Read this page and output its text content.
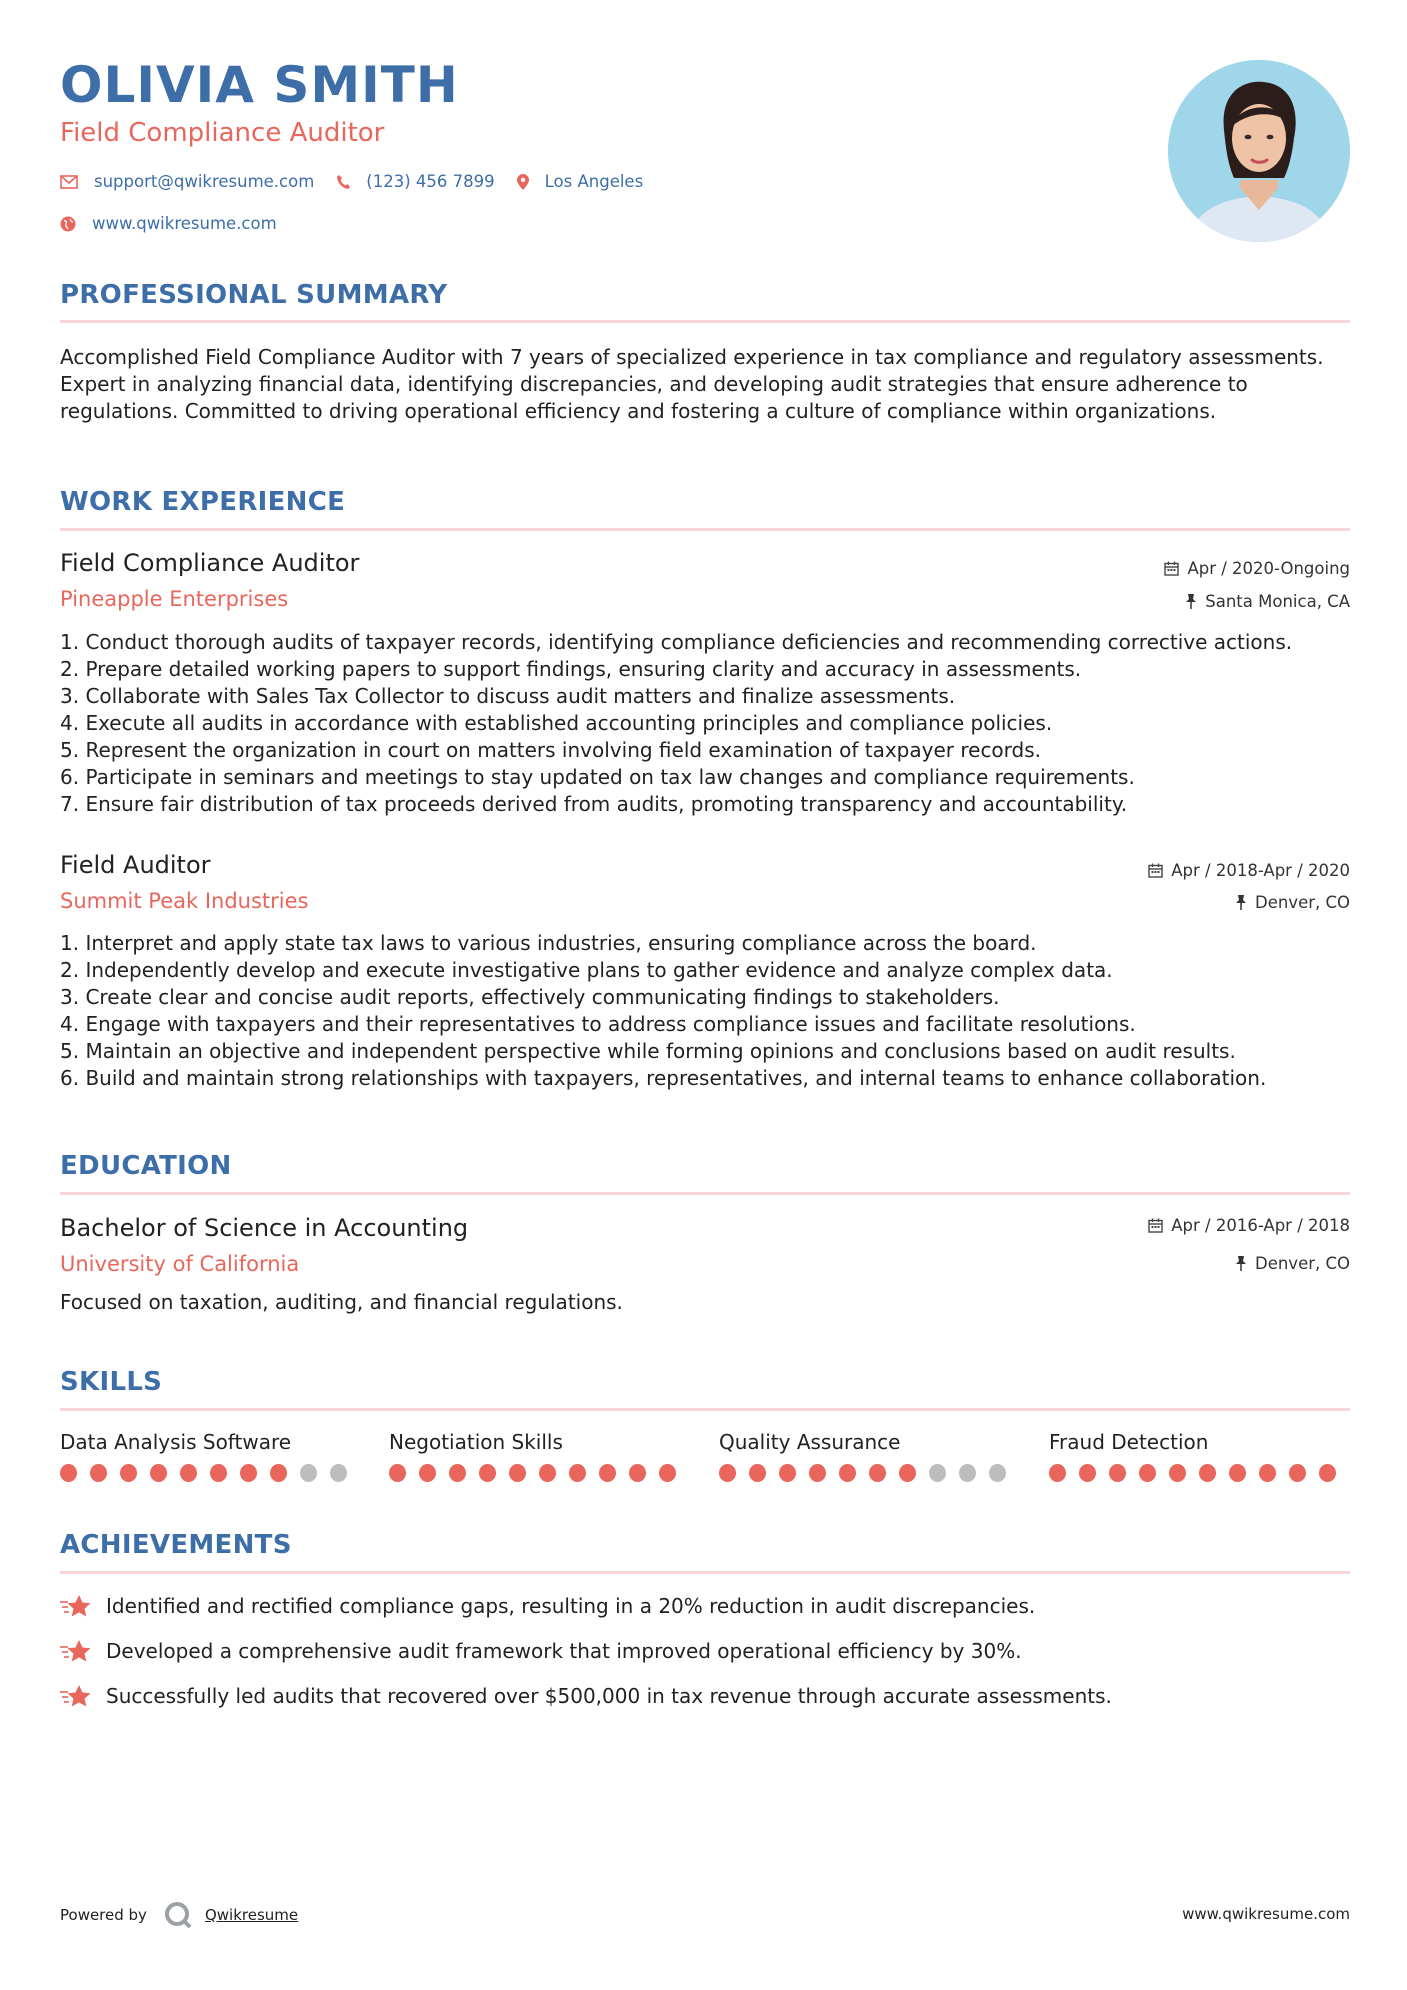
OLIVIA SMITH
Field Compliance Auditor
support@qwikresume.com	(123) 456 7899	Los Angeles
www.qwikresume.com
PROFESSIONAL SUMMARY

Accomplished Field Compliance Auditor with 7 years of specialized experience in tax compliance and regulatory assessments. Expert in analyzing financial data, identifying discrepancies, and developing audit strategies that ensure adherence to regulations. Committed to driving operational efficiency and fostering a culture of compliance within organizations.

WORK EXPERIENCE
Field Compliance Auditor
Pineapple Enterprises
Apr / 2020-Ongoing
Santa Monica, CA
1. Conduct thorough audits of taxpayer records, identifying compliance deficiencies and recommending corrective actions.
2. Prepare detailed working papers to support findings, ensuring clarity and accuracy in assessments.
3. Collaborate with Sales Tax Collector to discuss audit matters and finalize assessments.
4. Execute all audits in accordance with established accounting principles and compliance policies.
5. Represent the organization in court on matters involving field examination of taxpayer records.
6. Participate in seminars and meetings to stay updated on tax law changes and compliance requirements.
7. Ensure fair distribution of tax proceeds derived from audits, promoting transparency and accountability.
Field Auditor
Summit Peak Industries
Apr / 2018-Apr / 2020
Denver, CO
1. Interpret and apply state tax laws to various industries, ensuring compliance across the board.
2. Independently develop and execute investigative plans to gather evidence and analyze complex data.
3. Create clear and concise audit reports, effectively communicating findings to stakeholders.
4. Engage with taxpayers and their representatives to address compliance issues and facilitate resolutions.
5. Maintain an objective and independent perspective while forming opinions and conclusions based on audit results.
6. Build and maintain strong relationships with taxpayers, representatives, and internal teams to enhance collaboration.
EDUCATION
Bachelor of Science in Accounting
University of California
Apr / 2016-Apr / 2018
Denver, CO

Focused on taxation, auditing, and financial regulations.

SKILLS
Data Analysis Software	Negotiation Skills	Quality Assurance	Fraud Detection
ACHIEVEMENTS
Identified and rectified compliance gaps, resulting in a 20% reduction in audit discrepancies.
Developed a comprehensive audit framework that improved operational efficiency by 30%.
Successfully led audits that recovered over $500,000 in tax revenue through accurate assessments.
Powered by	Qwikresume	www.qwikresume.com
